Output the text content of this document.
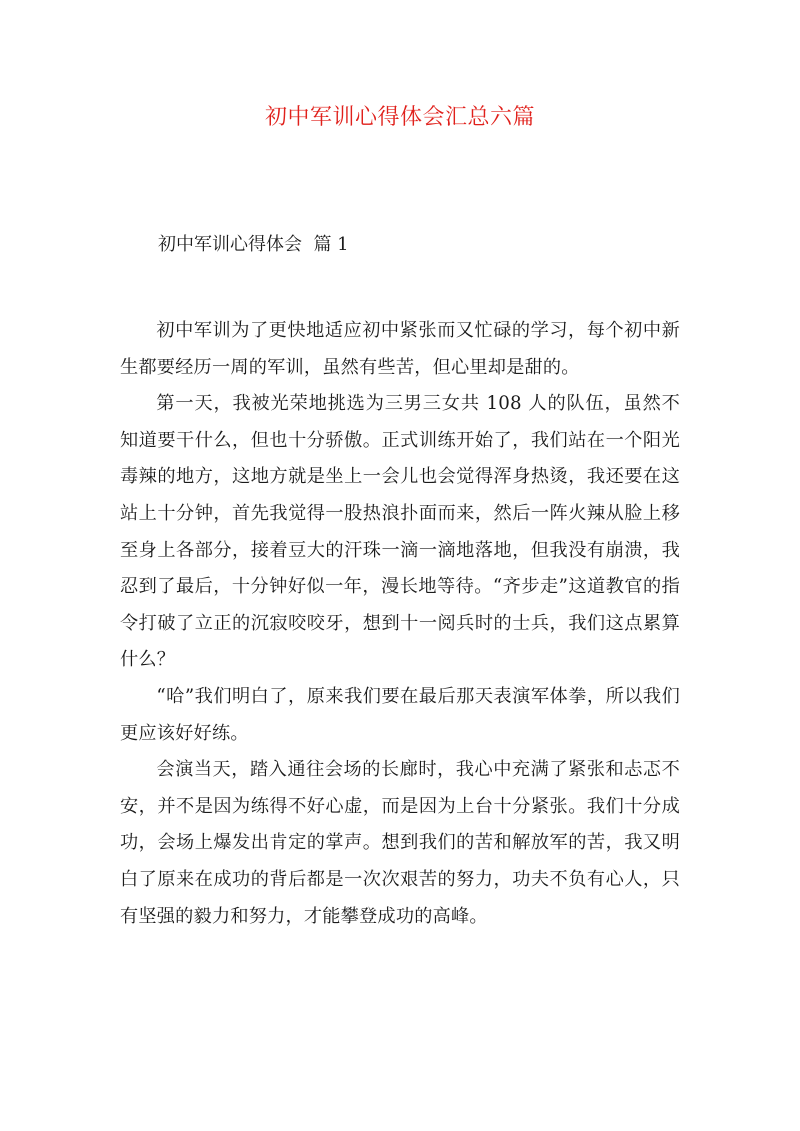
初中军训心得体会汇总六篇
初中军训心得体会  篇 1

初中军训为了更快地适应初中紧张而又忙碌的学习，每个初中新生都要经历一周的军训，虽然有些苦，但心里却是甜的。

第一天，我被光荣地挑选为三男三女共 108 人的队伍，虽然不知道要干什么，但也十分骄傲。正式训练开始了，我们站在一个阳光毒辣的地方，这地方就是坐上一会儿也会觉得浑身热烫，我还要在这站上十分钟，首先我觉得一股热浪扑面而来，然后一阵火辣从脸上移至身上各部分，接着豆大的汗珠一滴一滴地落地，但我没有崩溃，我忍到了最后，十分钟好似一年，漫长地等待。“齐步走”这道教官的指令打破了立正的沉寂咬咬牙，想到十一阅兵时的士兵，我们这点累算什么？

“哈”我们明白了，原来我们要在最后那天表演军体拳，所以我们更应该好好练。

会演当天，踏入通往会场的长廊时，我心中充满了紧张和忐忑不安，并不是因为练得不好心虚，而是因为上台十分紧张。我们十分成功，会场上爆发出肯定的掌声。想到我们的苦和解放军的苦，我又明白了原来在成功的背后都是一次次艰苦的努力，功夫不负有心人，只有坚强的毅力和努力，才能攀登成功的高峰。
